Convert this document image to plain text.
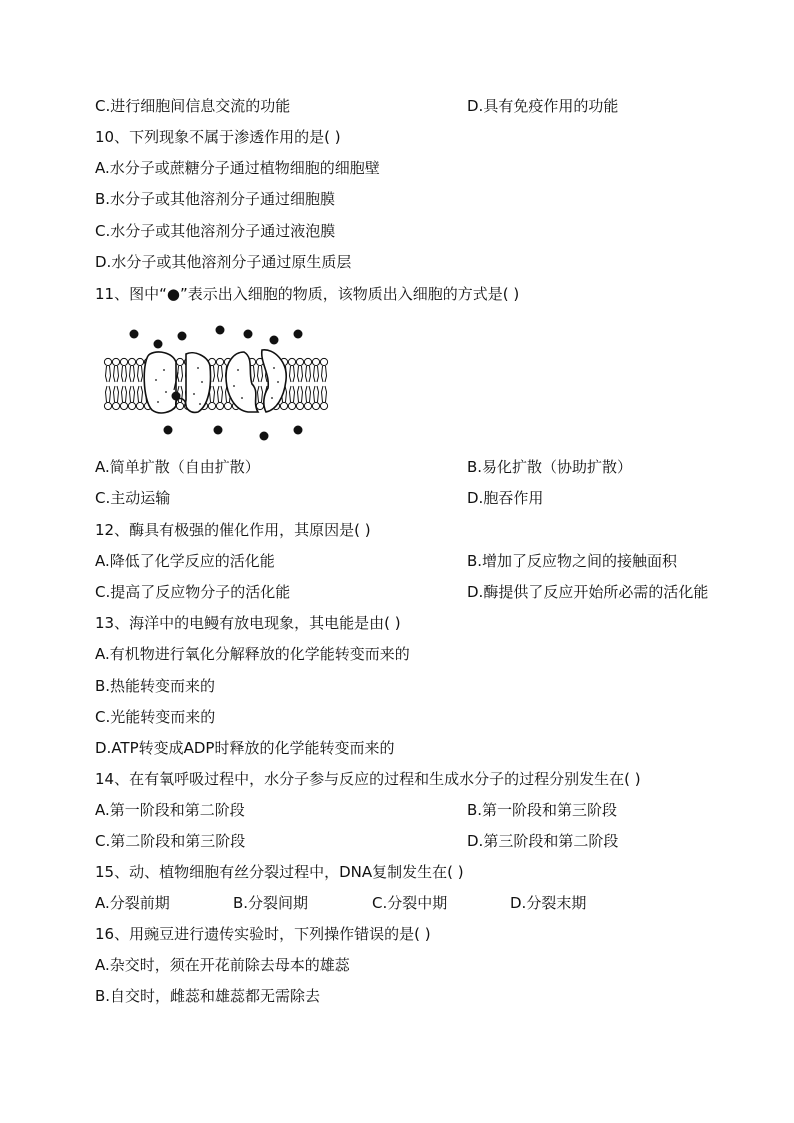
C.进行细胞间信息交流的功能	D.具有免疫作用的功能
10、下列现象不属于渗透作用的是( )
A.水分子或蔗糖分子通过植物细胞的细胞壁
B.水分子或其他溶剂分子通过细胞膜
C.水分子或其他溶剂分子通过液泡膜
D.水分子或其他溶剂分子通过原生质层
11、图中“●”表示出入细胞的物质，该物质出入细胞的方式是( )
A.简单扩散（自由扩散）	B.易化扩散（协助扩散）
C.主动运输	D.胞吞作用
12、酶具有极强的催化作用，其原因是( )
A.降低了化学反应的活化能	B.增加了反应物之间的接触面积
C.提高了反应物分子的活化能	D.酶提供了反应开始所必需的活化能
13、海洋中的电鳗有放电现象，其电能是由( )
A.有机物进行氧化分解释放的化学能转变而来的
B.热能转变而来的
C.光能转变而来的
D.ATP转变成ADP时释放的化学能转变而来的
14、在有氧呼吸过程中，水分子参与反应的过程和生成水分子的过程分别发生在( )
A.第一阶段和第二阶段	B.第一阶段和第三阶段
C.第二阶段和第三阶段	D.第三阶段和第二阶段
15、动、植物细胞有丝分裂过程中，DNA复制发生在( )
A.分裂前期	B.分裂间期	C.分裂中期	D.分裂末期
16、用豌豆进行遗传实验时，下列操作错误的是( )
A.杂交时，须在开花前除去母本的雄蕊
B.自交时，雌蕊和雄蕊都无需除去
